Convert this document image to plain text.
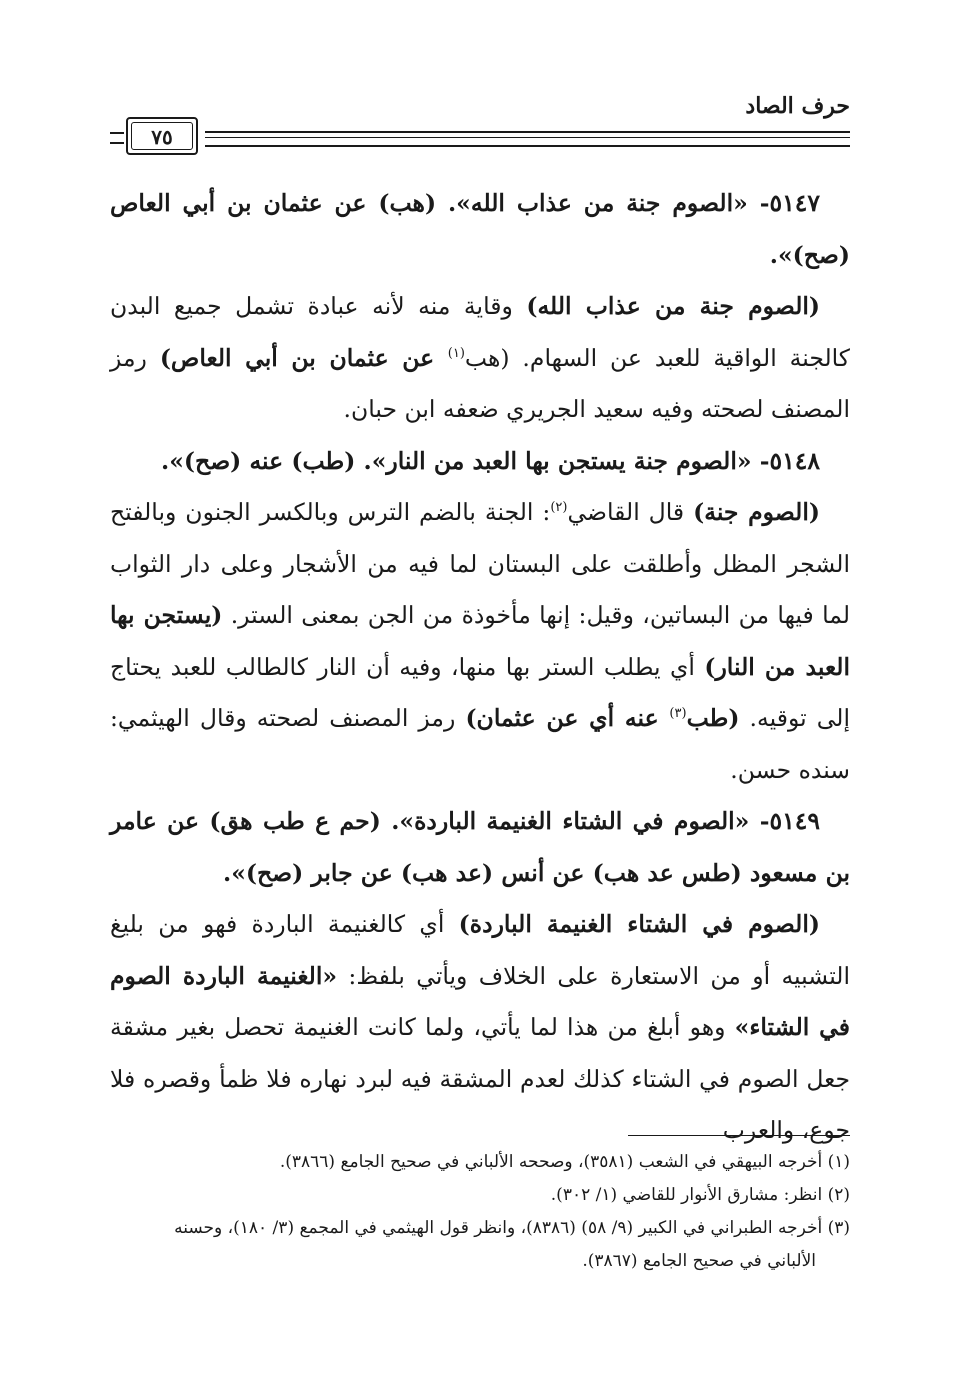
حرف الصاد
٧٥

٥١٤٧- «الصوم جنة من عذاب الله». (هب) عن عثمان بن أبي العاص (صح)».

(الصوم جنة من عذاب الله) وقاية منه لأنه عبادة تشمل جميع البدن كالجنة الواقية للعبد عن السهام. (هب$^{(١)}$ عن عثمان بن أبي العاص) رمز المصنف لصحته وفيه سعيد الجريري ضعفه ابن حبان.

٥١٤٨- «الصوم جنة يستجن بها العبد من النار». (طب) عنه (صح)».

(الصوم جنة) قال القاضي$^{(٢)}$: الجنة بالضم الترس وبالكسر الجنون وبالفتح الشجر المظل وأطلقت على البستان لما فيه من الأشجار وعلى دار الثواب لما فيها من البساتين، وقيل: إنها مأخوذة من الجن بمعنى الستر. (يستجن بها العبد من النار) أي يطلب الستر بها منها، وفيه أن النار كالطالب للعبد يحتاج إلى توقيه. (طب$^{(٣)}$ عنه أي عن عثمان) رمز المصنف لصحته وقال الهيثمي: سنده حسن.

٥١٤٩- «الصوم في الشتاء الغنيمة الباردة». (حم ع طب هق) عن عامر بن مسعود (طس عد هب) عن أنس (عد هب) عن جابر (صح)».

(الصوم في الشتاء الغنيمة الباردة) أي كالغنيمة الباردة فهو من بليغ التشبيه أو من الاستعارة على الخلاف ويأتي بلفظ: «الغنيمة الباردة الصوم في الشتاء» وهو أبلغ من هذا لما يأتي، ولما كانت الغنيمة تحصل بغير مشقة جعل الصوم في الشتاء كذلك لعدم المشقة فيه لبرد نهاره فلا ظمأ وقصره فلا جوع، والعرب

(١) أخرجه البيهقي في الشعب (٣٥٨١)، وصححه الألباني في صحيح الجامع (٣٨٦٦).

(٢) انظر: مشارق الأنوار للقاضي (١/ ٣٠٢).

(٣) أخرجه الطبراني في الكبير (٩/ ٥٨) (٨٣٨٦)، وانظر قول الهيثمي في المجمع (٣/ ١٨٠)، وحسنه

الألباني في صحيح الجامع (٣٨٦٧).
